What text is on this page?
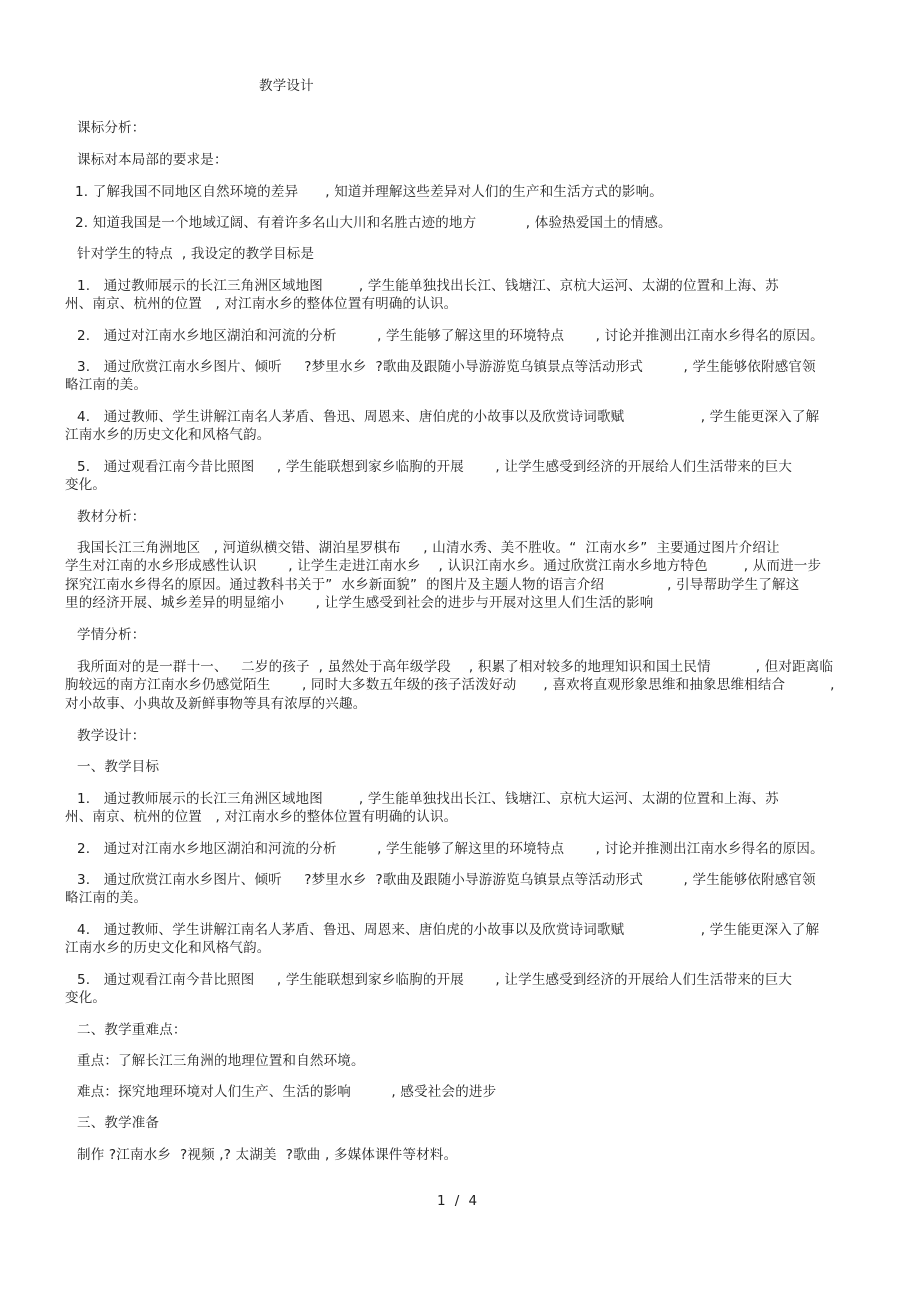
教学设计
课标分析：
课标对本局部的要求是：
1. 了解我国不同地区自然环境的差异      , 知道并理解这些差异对人们的生产和生活方式的影响。
2. 知道我国是一个地域辽阔、有着许多名山大川和名胜古迹的地方           , 体验热爱国土的情感。
针对学生的特点  , 我设定的教学目标是
1.   通过教师展示的长江三角洲区域地图        , 学生能单独找出长江、钱塘江、京杭大运河、太湖的位置和上海、苏
州、南京、杭州的位置   , 对江南水乡的整体位置有明确的认识。
2.   通过对江南水乡地区湖泊和河流的分析         , 学生能够了解这里的环境特点       , 讨论并推测出江南水乡得名的原因。
3.   通过欣赏江南水乡图片、倾听     ?梦里水乡  ?歌曲及跟随小导游游览乌镇景点等活动形式         , 学生能够依附感官领
略江南的美。
4.   通过教师、学生讲解江南名人茅盾、鲁迅、周恩来、唐伯虎的小故事以及欣赏诗词歌赋                 , 学生能更深入了解
江南水乡的历史文化和风格气韵。
5.   通过观看江南今昔比照图     , 学生能联想到家乡临朐的开展       , 让学生感受到经济的开展给人们生活带来的巨大
变化。
教材分析：
我国长江三角洲地区   , 河道纵横交错、湖泊星罗棋布     , 山清水秀、美不胜收。“  江南水乡”  主要通过图片介绍让
学生对江南的水乡形成感性认识       , 让学生走进江南水乡    , 认识江南水乡。通过欣赏江南水乡地方特色        , 从而进一步
探究江南水乡得名的原因。通过教科书关于”  水乡新面貌”  的图片及主题人物的语言介绍              , 引导帮助学生了解这
里的经济开展、城乡差异的明显缩小       , 让学生感受到社会的进步与开展对这里人们生活的影响
学情分析：
我所面对的是一群十一、   二岁的孩子  , 虽然处于高年级学段    , 积累了相对较多的地理知识和国土民情          , 但对距离临
朐较远的南方江南水乡仍感觉陌生       , 同时大多数五年级的孩子活泼好动      , 喜欢将直观形象思维和抽象思维相结合          ,
对小故事、小典故及新鲜事物等具有浓厚的兴趣。
教学设计：
一、教学目标
1.   通过教师展示的长江三角洲区域地图        , 学生能单独找出长江、钱塘江、京杭大运河、太湖的位置和上海、苏
州、南京、杭州的位置   , 对江南水乡的整体位置有明确的认识。
2.   通过对江南水乡地区湖泊和河流的分析         , 学生能够了解这里的环境特点       , 讨论并推测出江南水乡得名的原因。
3.   通过欣赏江南水乡图片、倾听     ?梦里水乡  ?歌曲及跟随小导游游览乌镇景点等活动形式         , 学生能够依附感官领
略江南的美。
4.   通过教师、学生讲解江南名人茅盾、鲁迅、周恩来、唐伯虎的小故事以及欣赏诗词歌赋                 , 学生能更深入了解
江南水乡的历史文化和风格气韵。
5.   通过观看江南今昔比照图     , 学生能联想到家乡临朐的开展       , 让学生感受到经济的开展给人们生活带来的巨大
变化。
二、教学重难点：
重点：了解长江三角洲的地理位置和自然环境。
难点：探究地理环境对人们生产、生活的影响         , 感受社会的进步
三、教学准备
制作 ?江南水乡  ?视频 ,? 太湖美  ?歌曲 , 多媒体课件等材料。
1  /  4
